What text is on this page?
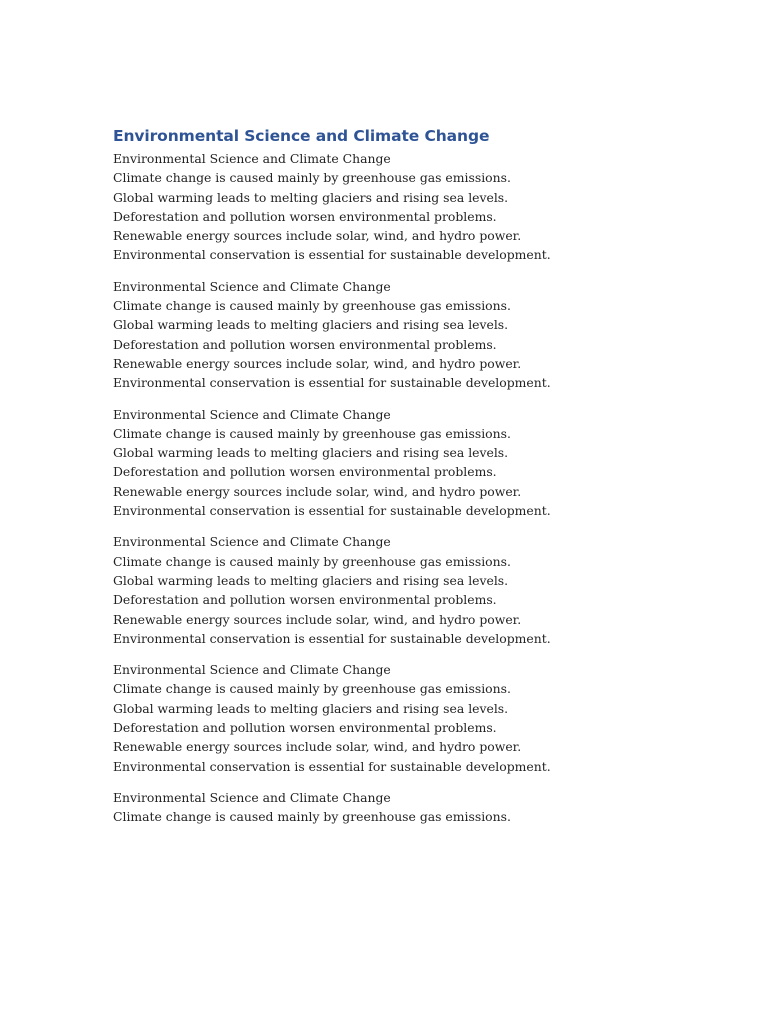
Environmental Science and Climate Change
Environmental Science and Climate Change
Climate change is caused mainly by greenhouse gas emissions.
Global warming leads to melting glaciers and rising sea levels.
Deforestation and pollution worsen environmental problems.
Renewable energy sources include solar, wind, and hydro power.
Environmental conservation is essential for sustainable development.
Environmental Science and Climate Change
Climate change is caused mainly by greenhouse gas emissions.
Global warming leads to melting glaciers and rising sea levels.
Deforestation and pollution worsen environmental problems.
Renewable energy sources include solar, wind, and hydro power.
Environmental conservation is essential for sustainable development.
Environmental Science and Climate Change
Climate change is caused mainly by greenhouse gas emissions.
Global warming leads to melting glaciers and rising sea levels.
Deforestation and pollution worsen environmental problems.
Renewable energy sources include solar, wind, and hydro power.
Environmental conservation is essential for sustainable development.
Environmental Science and Climate Change
Climate change is caused mainly by greenhouse gas emissions.
Global warming leads to melting glaciers and rising sea levels.
Deforestation and pollution worsen environmental problems.
Renewable energy sources include solar, wind, and hydro power.
Environmental conservation is essential for sustainable development.
Environmental Science and Climate Change
Climate change is caused mainly by greenhouse gas emissions.
Global warming leads to melting glaciers and rising sea levels.
Deforestation and pollution worsen environmental problems.
Renewable energy sources include solar, wind, and hydro power.
Environmental conservation is essential for sustainable development.
Environmental Science and Climate Change
Climate change is caused mainly by greenhouse gas emissions.
